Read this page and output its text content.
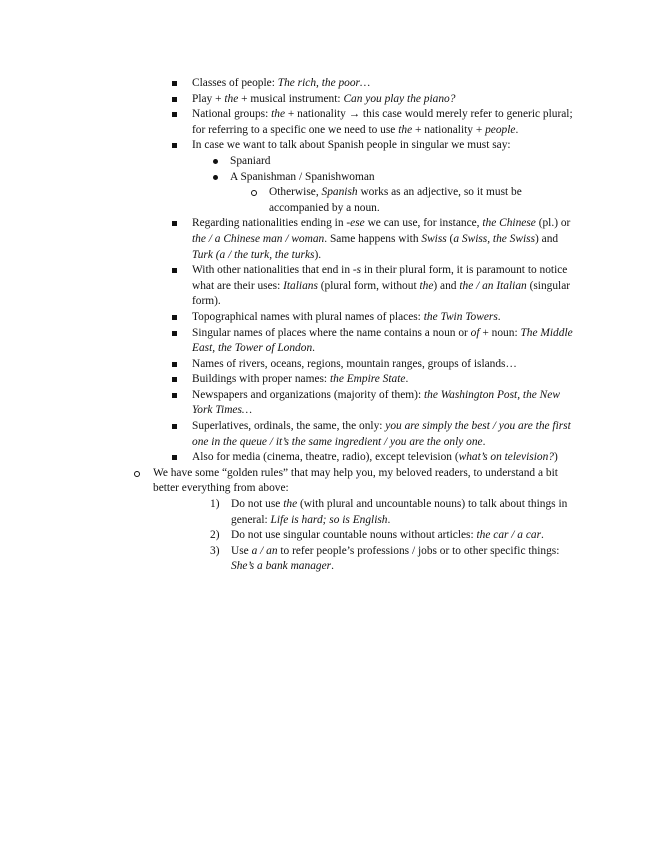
Classes of people: The rich, the poor…
Play + the + musical instrument: Can you play the piano?
National groups: the + nationality → this case would merely refer to generic plural; for referring to a specific one we need to use the + nationality + people.
In case we want to talk about Spanish people in singular we must say:
Spaniard
A Spanishman / Spanishwoman
Otherwise, Spanish works as an adjective, so it must be accompanied by a noun.
Regarding nationalities ending in -ese we can use, for instance, the Chinese (pl.) or the / a Chinese man / woman. Same happens with Swiss (a Swiss, the Swiss) and Turk (a / the turk, the turks).
With other nationalities that end in -s in their plural form, it is paramount to notice what are their uses: Italians (plural form, without the) and the / an Italian (singular form).
Topographical names with plural names of places: the Twin Towers.
Singular names of places where the name contains a noun or of + noun: The Middle East, the Tower of London.
Names of rivers, oceans, regions, mountain ranges, groups of islands…
Buildings with proper names: the Empire State.
Newspapers and organizations (majority of them): the Washington Post, the New York Times…
Superlatives, ordinals, the same, the only: you are simply the best / you are the first one in the queue / it’s the same ingredient / you are the only one.
Also for media (cinema, theatre, radio), except television (what’s on television?)
We have some “golden rules” that may help you, my beloved readers, to understand a bit better everything from above:
1) Do not use the (with plural and uncountable nouns) to talk about things in general: Life is hard; so is English.
2) Do not use singular countable nouns without articles: the car / a car.
3) Use a / an to refer people’s professions / jobs or to other specific things: She’s a bank manager.
